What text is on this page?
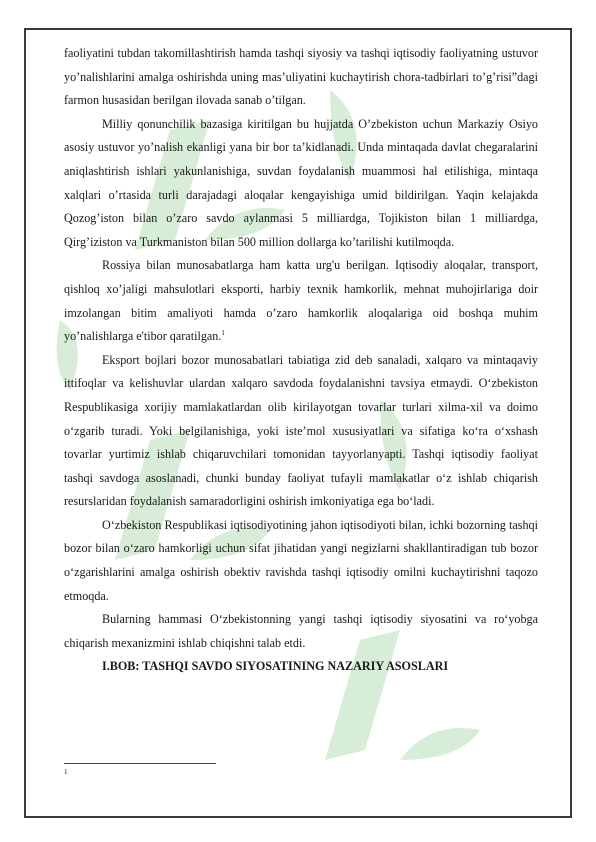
faoliyatini tubdan takomillashtirish hamda tashqi siyosiy va tashqi iqtisodiy faoliyatning ustuvor yo’nalishlarini amalga oshirishda uning mas’uliyatini kuchaytirish chora-tadbirlari to’g’risi”dagi farmon husasidan berilgan ilovada sanab o’tilgan.

Milliy qonunchilik bazasiga kiritilgan bu hujjatda O’zbekiston uchun Markaziy Osiyo asosiy ustuvor yo’nalish ekanligi yana bir bor ta’kidlanadi. Unda mintaqada davlat chegaralarini aniqlashtirish ishlari yakunlanishiga, suvdan foydalanish muammosi hal etilishiga, mintaqa xalqlari o’rtasida turli darajadagi aloqalar kengayishiga umid bildirilgan. Yaqin kelajakda Qozog’iston bilan o’zaro savdo aylanmasi 5 milliardga, Tojikiston bilan 1 milliardga, Qirg’iziston va Turkmaniston bilan 500 million dollarga ko’tarilishi kutilmoqda.

Rossiya bilan munosabatlarga ham katta urg'u berilgan. Iqtisodiy aloqalar, transport, qishloq xo’jaligi mahsulotlari eksporti, harbiy texnik hamkorlik, mehnat muhojirlariga doir imzolangan bitim amaliyoti hamda o’zaro hamkorlik aloqalariga oid boshqa muhim yo’nalishlarga e'tibor qaratilgan.$^1$

Eksport bojlari bozor munosabatlari tabiatiga zid deb sanaladi, xalqaro va mintaqaviy ittifoqlar va kelishuvlar ulardan xalqaro savdoda foydalanishni tavsiya etmaydi. O‘zbekiston Respublikasiga xorijiy mamlakatlardan olib kirilayotgan tovarlar turlari xilma-xil va doimo o‘zgarib turadi. Yoki belgilanishiga, yoki iste’mol xususiyatlari va sifatiga ko‘ra o‘xshash tovarlar yurtimiz ishlab chiqaruvchilari tomonidan tayyorlanyapti. Tashqi iqtisodiy faoliyat tashqi savdoga asoslanadi, chunki bunday faoliyat tufayli mamlakatlar o‘z ishlab chiqarish resurslaridan foydalanish samaradorligini oshirish imkoniyatiga ega bo‘ladi.

O‘zbekiston Respublikasi iqtisodiyotining jahon iqtisodiyoti bilan, ichki bozorning tashqi bozor bilan o‘zaro hamkorligi uchun sifat jihatidan yangi negizlarni shakllantiradigan tub bozor o‘zgarishlarini amalga oshirish obektiv ravishda tashqi iqtisodiy omilni kuchaytirishni taqozo etmoqda.

Bularning hammasi O‘zbekistonning yangi tashqi iqtisodiy siyosatini va ro‘yobga chiqarish mexanizmini ishlab chiqishni talab etdi.

I.BOB: TASHQI SAVDO SIYOSATINING NAZARIY ASOSLARI
1
